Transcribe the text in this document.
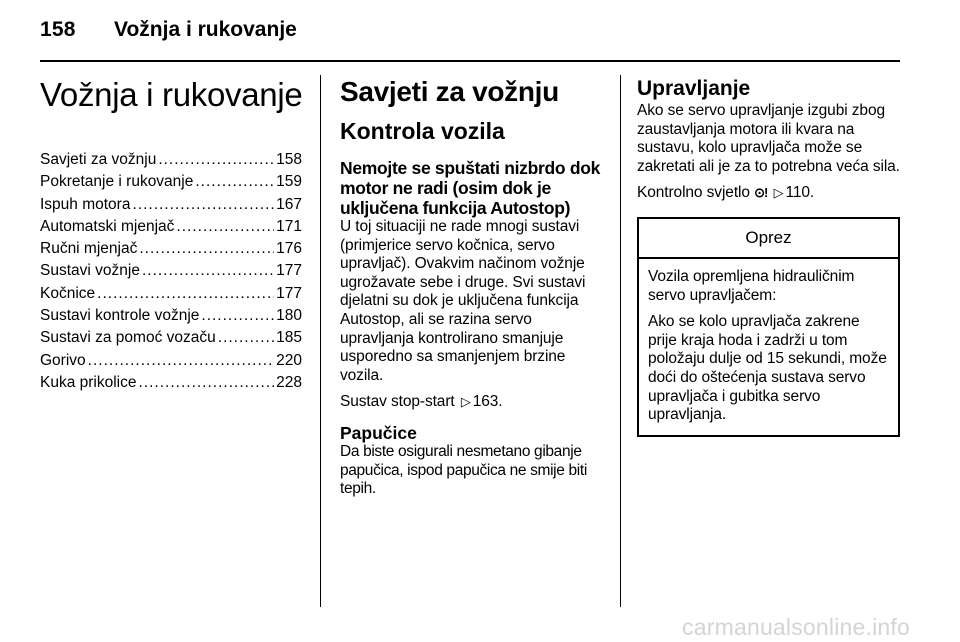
158 Vožnja i rukovanje
Vožnja i rukovanje
Savjeti za vožnju .....	158
Pokretanje i rukovanje .....	159
Ispuh motora .....	167
Automatski mjenjač .....	171
Ručni mjenjač .....	176
Sustavi vožnje .....	177
Kočnice .....	177
Sustavi kontrole vožnje .....	180
Sustavi za pomoć vozaču .....	185
Gorivo .....	220
Kuka prikolice .....	228
Savjeti za vožnju
Kontrola vozila
Nemojte se spuštati nizbrdo dok motor ne radi (osim dok je uključena funkcija Autostop)

U toj situaciji ne rade mnogi sustavi (primjerice servo kočnica, servo upravljač). Ovakvim načinom vožnje ugrožavate sebe i druge. Svi sustavi djelatni su dok je uključena funkcija Autostop, ali se razina servo upravljanja kontrolirano smanjuje usporedno sa smanjenjem brzine vozila.

Sustav stop-start ▷ 163.

Papučice

Da biste osigurali nesmetano gibanje papučica, ispod papučica ne smije biti tepih.

Upravljanje

Ako se servo upravljanje izgubi zbog zaustavljanja motora ili kvara na sustavu, kolo upravljača može se zakretati ali je za to potrebna veća sila.

Kontrolno svjetlo ⊙! ▷ 110.

Oprez

Vozila opremljena hidrauličnim servo upravljačem:

Ako se kolo upravljača zakrene prije kraja hoda i zadrži u tom položaju dulje od 15 sekundi, može doći do oštećenja sustava servo upravljača i gubitka servo upravljanja.

carmanualsonline.info
